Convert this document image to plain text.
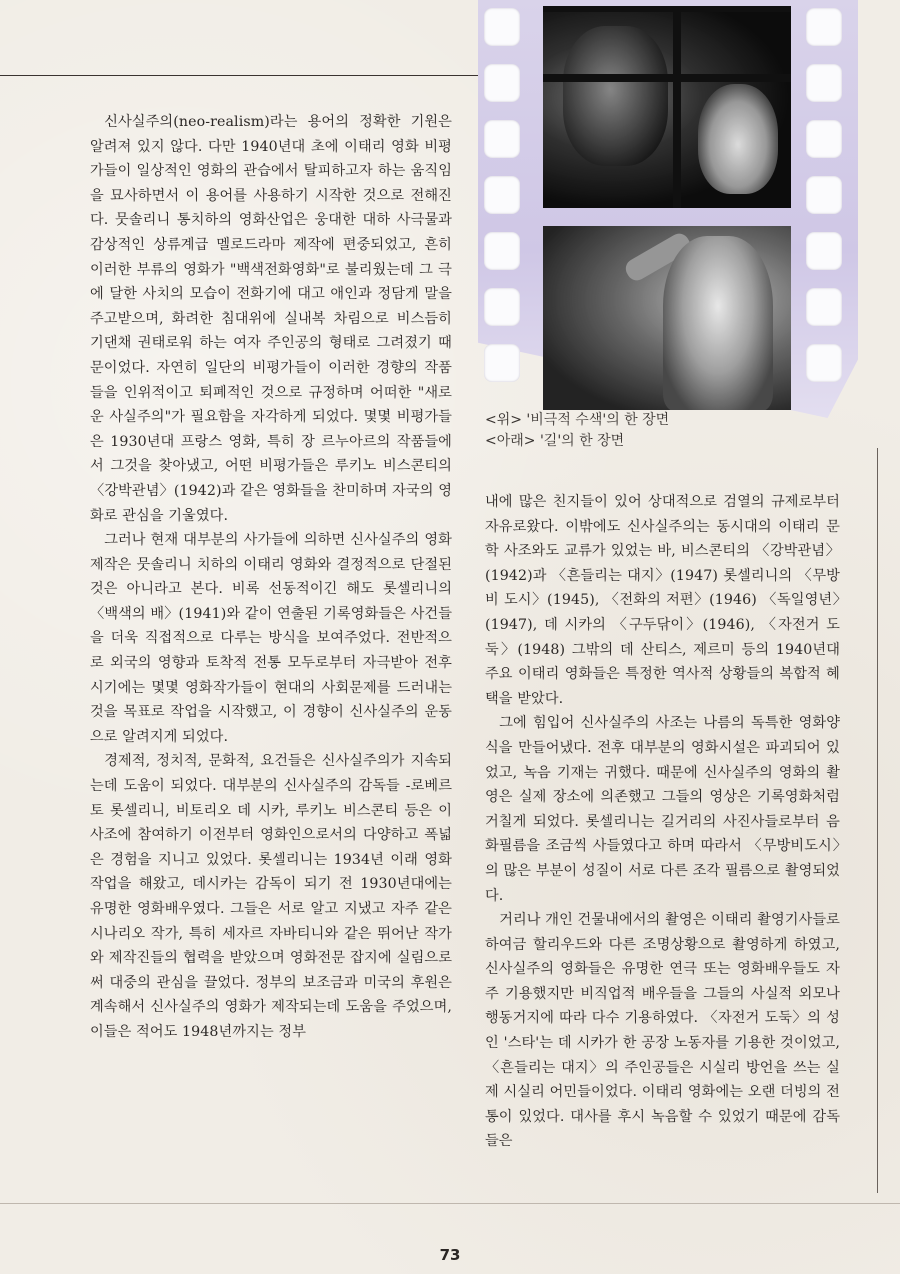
<위> '비극적 수색'의 한 장면
<아래> '길'의 한 장면

신사실주의(neo-realism)라는 용어의 정확한 기원은 알려져 있지 않다. 다만 1940년대 초에 이태리 영화 비평가들이 일상적인 영화의 관습에서 탈피하고자 하는 움직임을 묘사하면서 이 용어를 사용하기 시작한 것으로 전해진다. 뭇솔리니 통치하의 영화산업은 웅대한 대하 사극물과 감상적인 상류계급 멜로드라마 제작에 편중되었고, 흔히 이러한 부류의 영화가 "백색전화영화"로 불리웠는데 그 극에 달한 사치의 모습이 전화기에 대고 애인과 정담게 말을 주고받으며, 화려한 침대위에 실내복 차림으로 비스듬히 기댄채 권태로워 하는 여자 주인공의 형태로 그려졌기 때문이었다. 자연히 일단의 비평가들이 이러한 경향의 작품들을 인위적이고 퇴폐적인 것으로 규정하며 어떠한 "새로운 사실주의"가 필요함을 자각하게 되었다. 몇몇 비평가들은 1930년대 프랑스 영화, 특히 장 르누아르의 작품들에서 그것을 찾아냈고, 어떤 비평가들은 루키노 비스콘티의 〈강박관념〉(1942)과 같은 영화들을 찬미하며 자국의 영화로 관심을 기울였다.

그러나 현재 대부분의 사가들에 의하면 신사실주의 영화제작은 뭇솔리니 치하의 이태리 영화와 결정적으로 단절된 것은 아니라고 본다. 비록 선동적이긴 해도 롯셀리니의 〈백색의 배〉(1941)와 같이 연출된 기록영화들은 사건들을 더욱 직접적으로 다루는 방식을 보여주었다. 전반적으로 외국의 영향과 토착적 전통 모두로부터 자극받아 전후 시기에는 몇몇 영화작가들이 현대의 사회문제를 드러내는 것을 목표로 작업을 시작했고, 이 경향이 신사실주의 운동으로 알려지게 되었다.

경제적, 정치적, 문화적, 요건들은 신사실주의가 지속되는데 도움이 되었다. 대부분의 신사실주의 감독들 -로베르토 롯셀리니, 비토리오 데 시카, 루키노 비스콘티 등은 이 사조에 참여하기 이전부터 영화인으로서의 다양하고 폭넓은 경험을 지니고 있었다. 롯셀리니는 1934년 이래 영화작업을 해왔고, 데시카는 감독이 되기 전 1930년대에는 유명한 영화배우였다. 그들은 서로 알고 지냈고 자주 같은 시나리오 작가, 특히 세자르 자바티니와 같은 뛰어난 작가와 제작진들의 협력을 받았으며 영화전문 잡지에 실림으로써 대중의 관심을 끌었다. 정부의 보조금과 미국의 후원은 계속해서 신사실주의 영화가 제작되는데 도움을 주었으며, 이들은 적어도 1948년까지는 정부

내에 많은 친지들이 있어 상대적으로 검열의 규제로부터 자유로왔다. 이밖에도 신사실주의는 동시대의 이태리 문학 사조와도 교류가 있었는 바, 비스콘티의 〈강박관념〉(1942)과 〈흔들리는 대지〉(1947) 롯셀리니의 〈무방비 도시〉(1945), 〈전화의 저편〉(1946) 〈독일영년〉(1947), 데 시카의 〈구두닦이〉(1946), 〈자전거 도둑〉(1948) 그밖의 데 산티스, 제르미 등의 1940년대 주요 이태리 영화들은 특정한 역사적 상황들의 복합적 혜택을 받았다.

그에 힘입어 신사실주의 사조는 나름의 독특한 영화양식을 만들어냈다. 전후 대부분의 영화시설은 파괴되어 있었고, 녹음 기재는 귀했다. 때문에 신사실주의 영화의 촬영은 실제 장소에 의존했고 그들의 영상은 기록영화처럼 거칠게 되었다. 롯셀리니는 길거리의 사진사들로부터 음화필름을 조금씩 사들였다고 하며 따라서 〈무방비도시〉의 많은 부분이 성질이 서로 다른 조각 필름으로 촬영되었다.

거리나 개인 건물내에서의 촬영은 이태리 촬영기사들로 하여금 할리우드와 다른 조명상황으로 촬영하게 하였고, 신사실주의 영화들은 유명한 연극 또는 영화배우들도 자주 기용했지만 비직업적 배우들을 그들의 사실적 외모나 행동거지에 따라 다수 기용하였다. 〈자전거 도둑〉의 성인 '스타'는 데 시카가 한 공장 노동자를 기용한 것이었고, 〈흔들리는 대지〉의 주인공들은 시실리 방언을 쓰는 실제 시실리 어민들이었다. 이태리 영화에는 오랜 더빙의 전통이 있었다. 대사를 후시 녹음할 수 있었기 때문에 감독들은

73
